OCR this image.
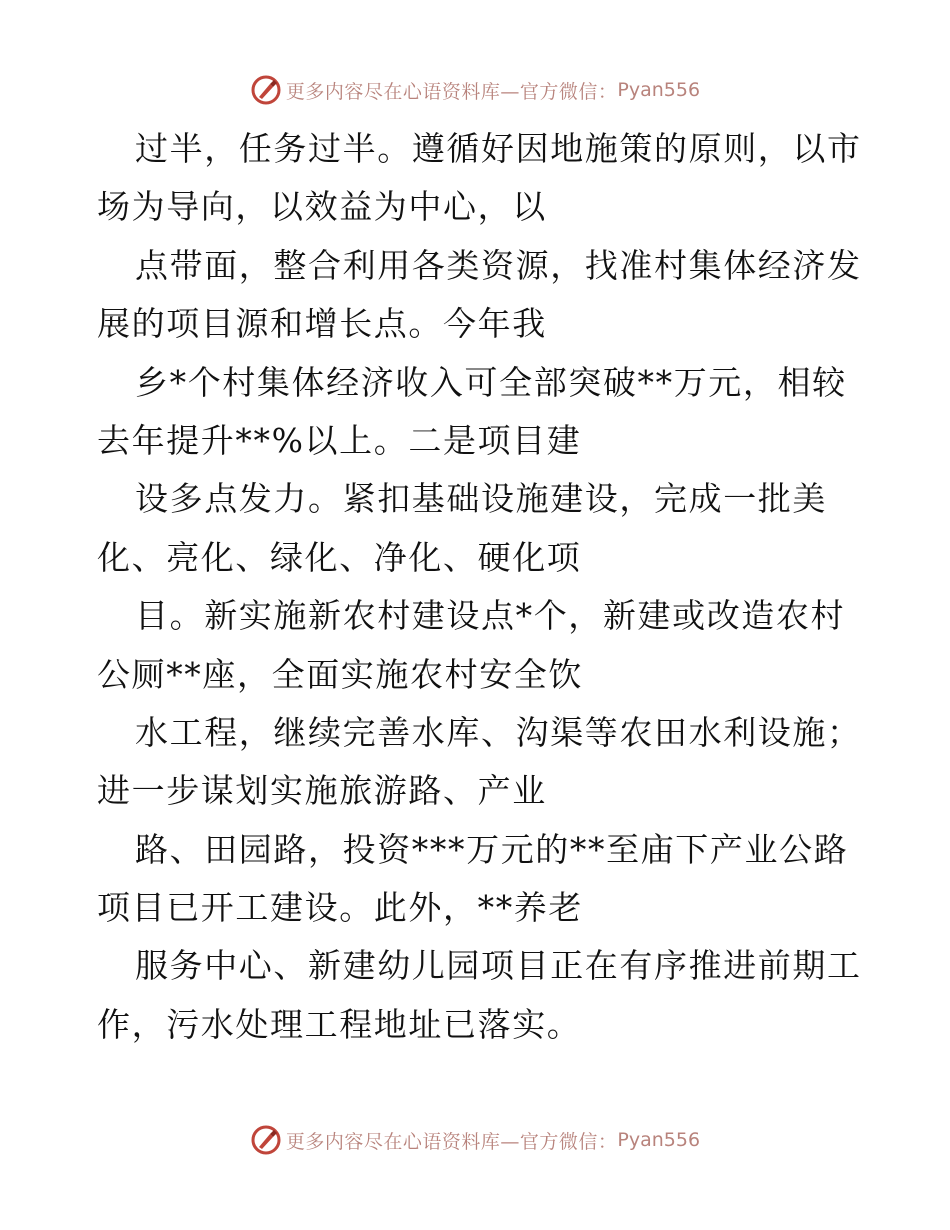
更多内容尽在心语资料库—官方微信： Pyan556
过半，任务过半。遵循好因地施策的原则，以市
场为导向，以效益为中心，以
点带面，整合利用各类资源，找准村集体经济发
展的项目源和增长点。今年我
乡*个村集体经济收入可全部突破**万元，相较
去年提升**%以上。二是项目建
设多点发力。紧扣基础设施建设，完成一批美
化、亮化、绿化、净化、硬化项
目。新实施新农村建设点*个，新建或改造农村
公厕**座，全面实施农村安全饮
水工程，继续完善水库、沟渠等农田水利设施；
进一步谋划实施旅游路、产业
路、田园路，投资***万元的**至庙下产业公路
项目已开工建设。此外，**养老
服务中心、新建幼儿园项目正在有序推进前期工
作，污水处理工程地址已落实。
更多内容尽在心语资料库—官方微信： Pyan556
